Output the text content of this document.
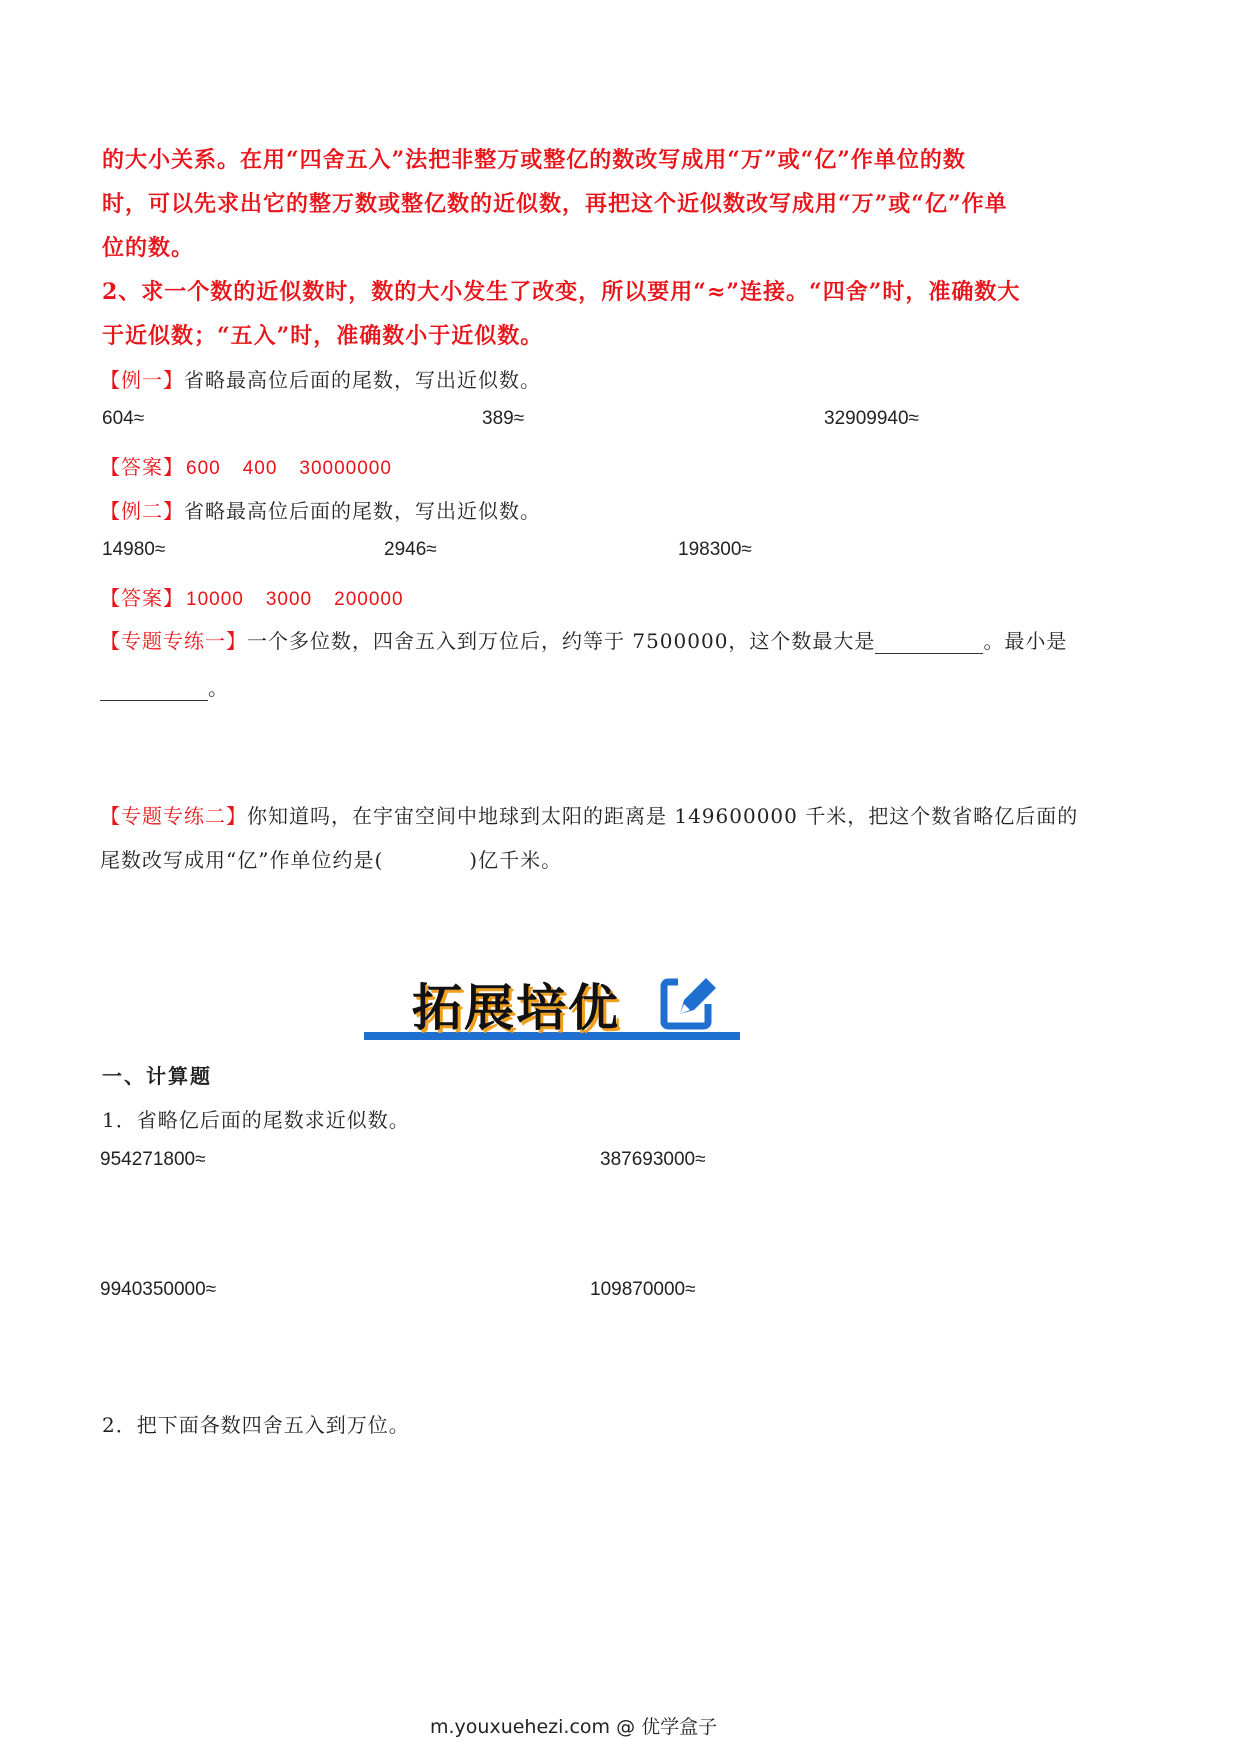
的大小关系。在用“四舍五入”法把非整万或整亿的数改写成用“万”或“亿”作单位的数
时，可以先求出它的整万数或整亿数的近似数，再把这个近似数改写成用“万”或“亿”作单
位的数。
2、求一个数的近似数时，数的大小发生了改变，所以要用“≈”连接。“四舍”时，准确数大
于近似数；“五入”时，准确数小于近似数。
【例一】省略最高位后面的尾数，写出近似数。
604≈	389≈	32909940≈
【答案】 600 400 30000000
【例二】省略最高位后面的尾数，写出近似数。
14980≈	2946≈	198300≈
【答案】 10000 3000 200000
【专题专练一】一个多位数，四舍五入到万位后，约等于 7500000，这个数最大是	。最小是
。
【专题专练二】你知道吗，在宇宙空间中地球到太阳的距离是 149600000 千米，把这个数省略亿后面的
尾数改写成用“亿”作单位约是(	)亿千米。
拓展培优
一、计算题
1．省略亿后面的尾数求近似数。
954271800≈	387693000≈
9940350000≈	109870000≈
2．把下面各数四舍五入到万位。
m.youxuehezi.com @ 优学盒子
